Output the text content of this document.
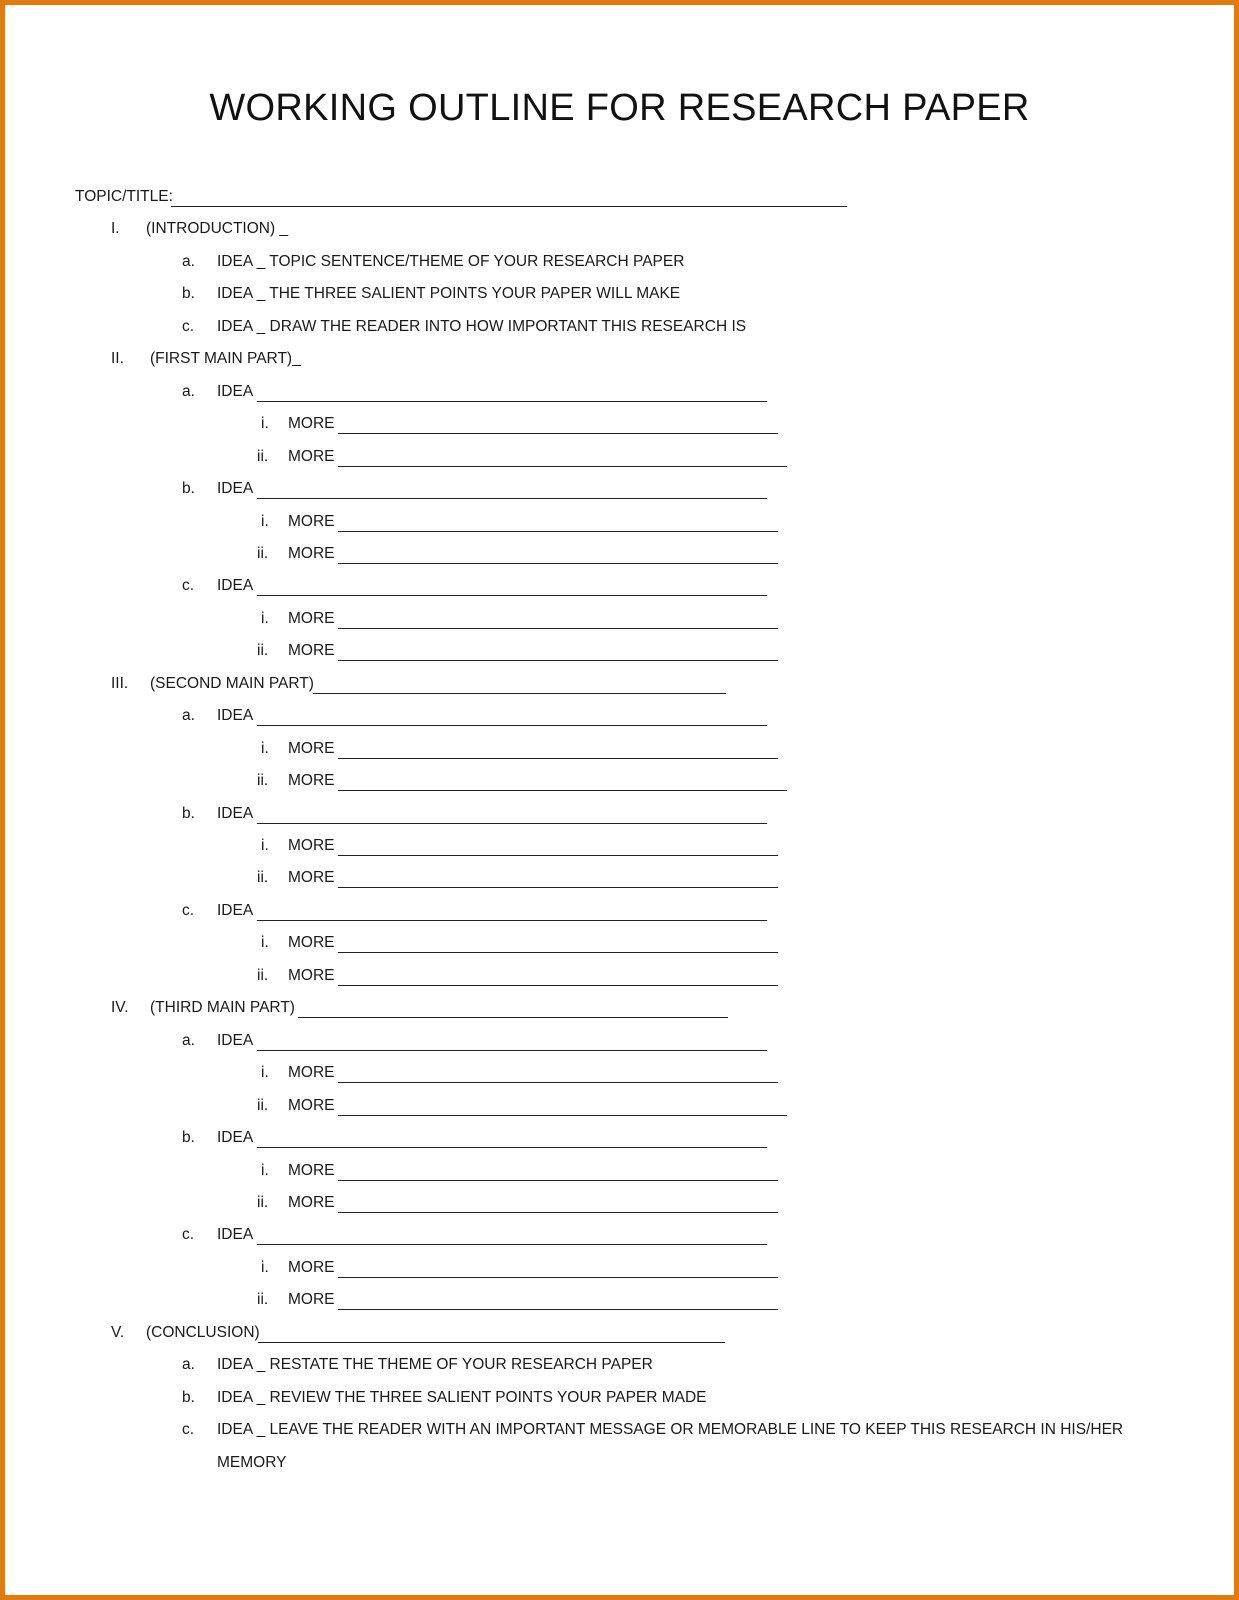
WORKING OUTLINE FOR RESEARCH PAPER
TOPIC/TITLE:
I. (INTRODUCTION) _
a. IDEA _ TOPIC SENTENCE/THEME OF YOUR RESEARCH PAPER
b. IDEA _ THE THREE SALIENT POINTS YOUR PAPER WILL MAKE
c. IDEA _ DRAW THE READER INTO HOW IMPORTANT THIS RESEARCH IS
II. (FIRST MAIN PART)_
a. IDEA
i. MORE
ii. MORE
b. IDEA
i. MORE
ii. MORE
c. IDEA
i. MORE
ii. MORE
III. (SECOND MAIN PART)
a. IDEA
i. MORE
ii. MORE
b. IDEA
i. MORE
ii. MORE
c. IDEA
i. MORE
ii. MORE
IV. (THIRD MAIN PART)
a. IDEA
i. MORE
ii. MORE
b. IDEA
i. MORE
ii. MORE
c. IDEA
i. MORE
ii. MORE
V. (CONCLUSION)
a. IDEA _ RESTATE THE THEME OF YOUR RESEARCH PAPER
b. IDEA _ REVIEW THE THREE SALIENT POINTS YOUR PAPER MADE
c. IDEA _ LEAVE THE READER WITH AN IMPORTANT MESSAGE OR MEMORABLE LINE TO KEEP THIS RESEARCH IN HIS/HER
MEMORY
